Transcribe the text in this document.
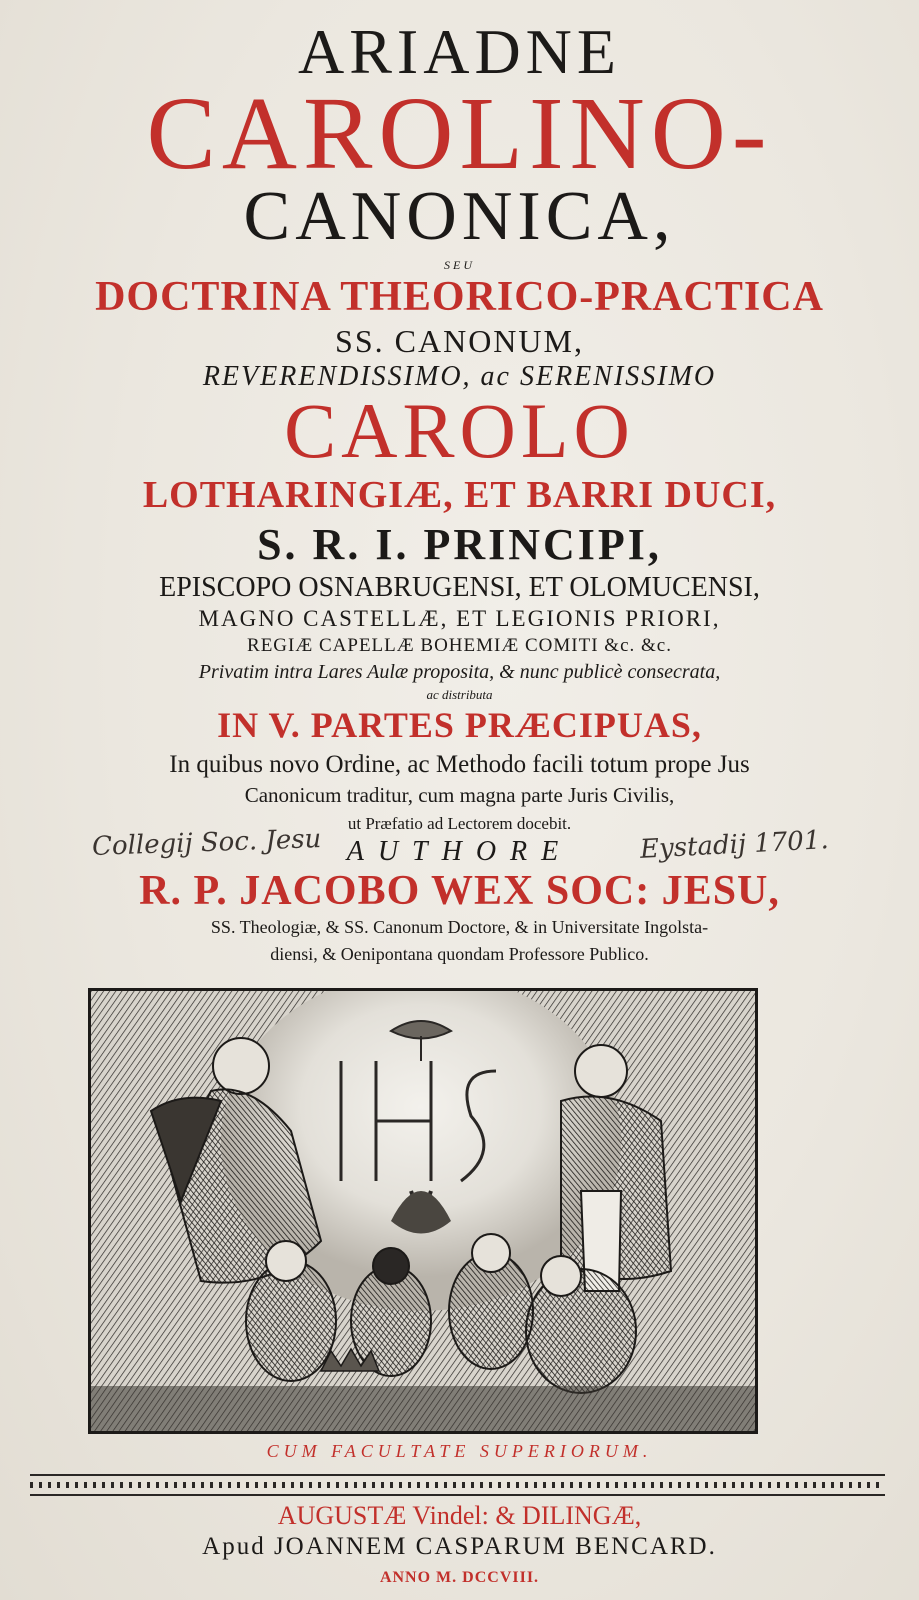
ARIADNE
CAROLINO-
CANONICA,
SEU
DOCTRINA THEORICO-PRACTICA
SS. CANONUM,
REVERENDISSIMO, ac SERENISSIMO
CAROLO
LOTHARINGIÆ, ET BARRI DUCI,
S. R. I. PRINCIPI,
EPISCOPO OSNABRUGENSI, ET OLOMUCENSI,
MAGNO CASTELLÆ, ET LEGIONIS PRIORI,
REGIÆ CAPELLÆ BOHEMIÆ COMITI &c. &c.
Privatim intra Lares Aulæ proposita, & nunc publicè consecrata,
ac distributa
IN V. PARTES PRÆCIPUAS,
In quibus novo Ordine, ac Methodo facili totum prope Jus
Canonicum traditur, cum magna parte Juris Civilis,
ut Præfatio ad Lectorem docebit.
AUTHORE
R. P. JACOBO WEX SOC: JESU,
SS. Theologiæ, & SS. Canonum Doctore, & in Universitate Ingolsta-
diensi, & Oenipontana quondam Professore Publico.
Collegij Soc. Jesu	Eystadij 1701.
CUM FACULTATE SUPERIORUM.
AUGUSTÆ Vindel: & DILINGÆ,
Apud JOANNEM CASPARUM BENCARD.
ANNO M. DCCVIII.
